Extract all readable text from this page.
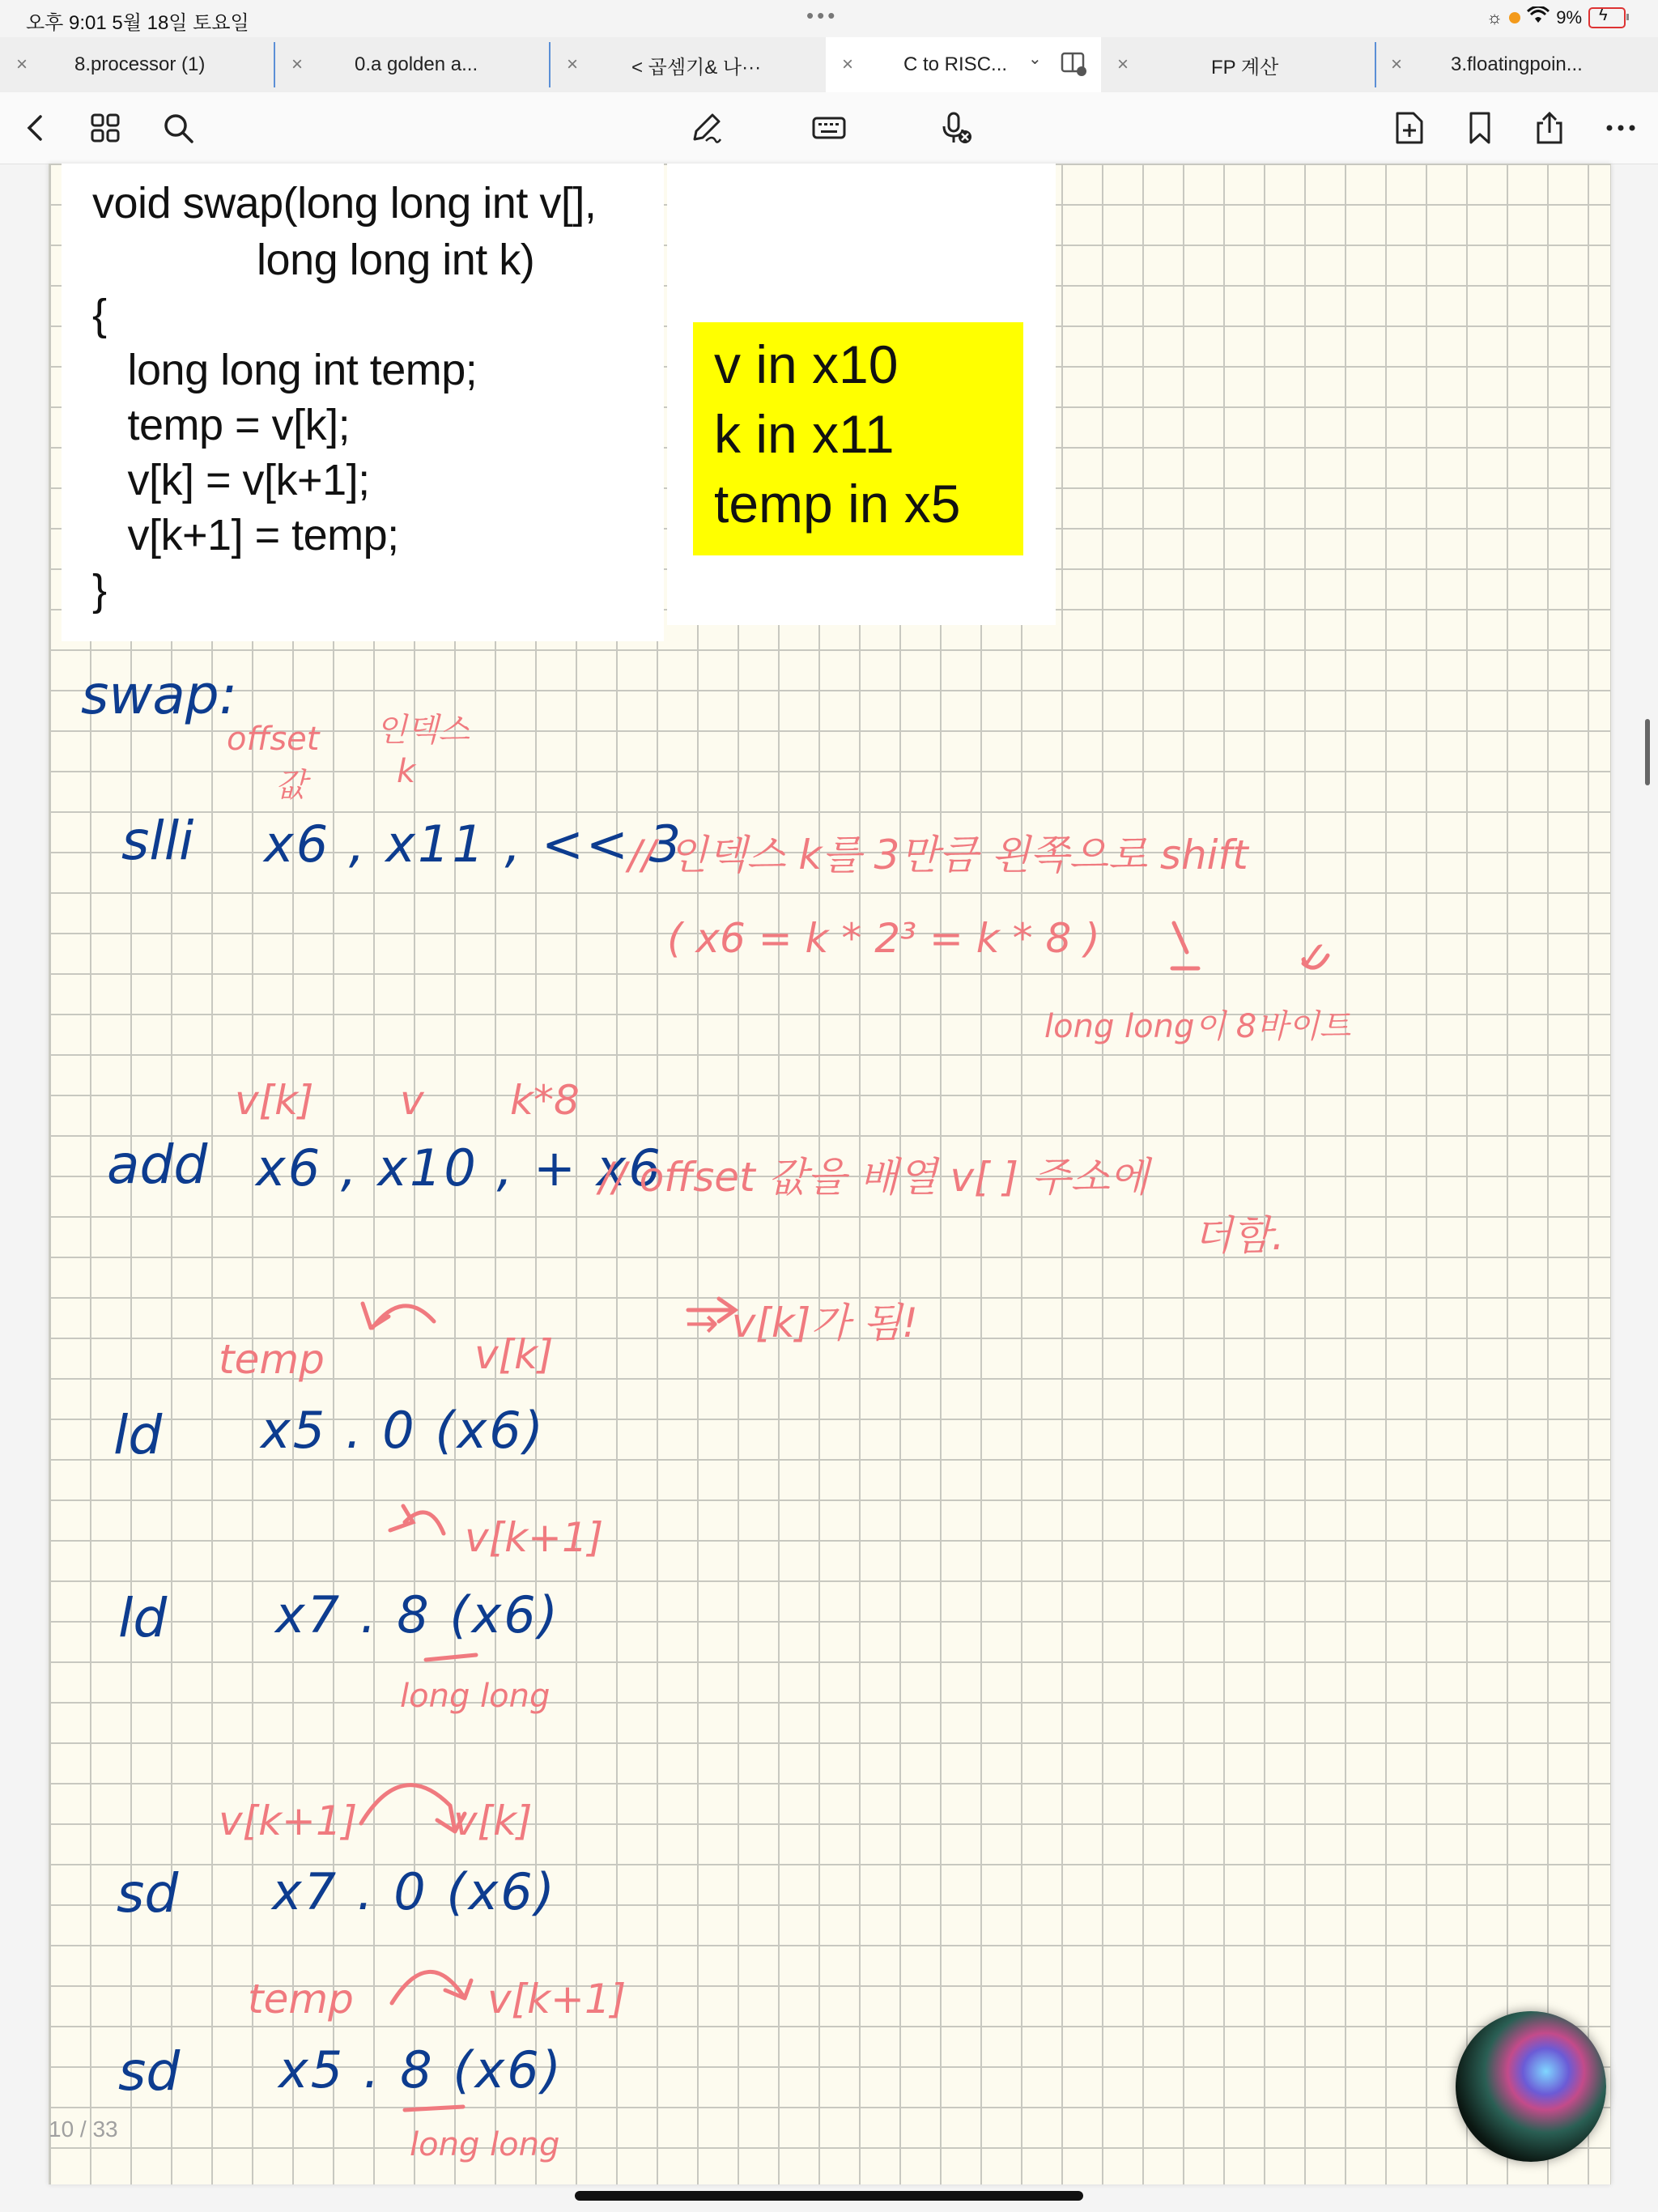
오후 9:01 5월 18일 토요일	•••	☼	9% ϟ
× 8.processor (1)	×	0.a golden a...	×	< 곱셈기& 나···	×	C to RISC... ⌄	×	FP 계산	× 3.floatingpoin...
void swap(long long int v[],
long long int k)
{
long long int temp;
temp = v[k];
v[k] = v[k+1];
v[k+1] = temp;
}
v in x10
k in x11
temp in x5
swap:
offset 인덱스
값	k
slli x6 , x11 , << 3
// 인덱스 k를 3만큼 왼쪽으로 shift
( x6 = k * 2³ = k * 8 )	✓
long long이 8바이트
v[k] v k*8
add x6 , x10 , + x6
// offset 값을 배열 v[ ] 주소에
더함.
→ v[k]가 됨!
temp	v[k]
ld x5 . 0 (x6)
v[k+1]
ld x7 . 8 (x6)
long long
v[k+1] v[k]
sd x7 . 0 (x6)
temp	v[k+1]
sd x5 . 8 (x6)
long long
10 / 33
